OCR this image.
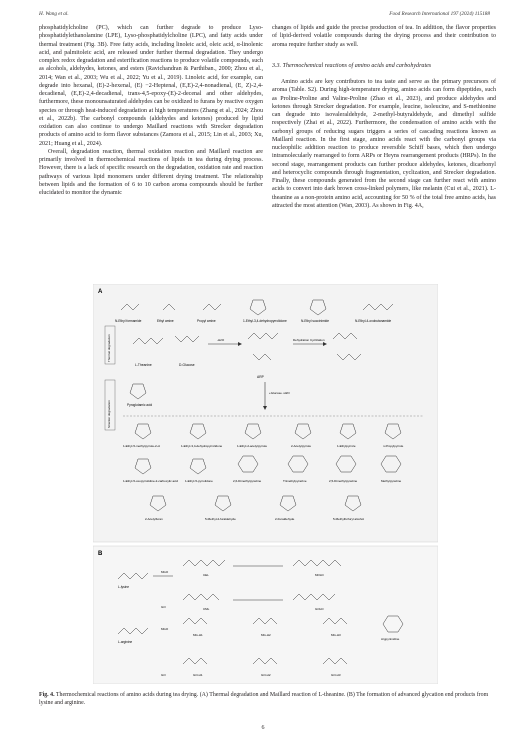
H. Wang et al.	Food Research International 197 (2024) 115188

phosphatidylcholine (PC), which can further degrade to produce Lyso-phosphatidylethanolamine (LPE), Lyso-phosphatidylcholine (LPC), and fatty acids under thermal treatment (Fig. 3B). Free fatty acids, including linoleic acid, oleic acid, α-linolenic acid, and palmitoleic acid, are released under further thermal degradation. They undergo complex redox degradation and esterification reactions to produce volatile compounds, such as alcohols, aldehydes, ketones, and esters (Ravichandran & Parthiban., 2000; Zhou et al., 2014; Wan et al., 2003; Wu et al., 2022; Yu et al., 2019). Linoleic acid, for example, can degrade into hexanal, (E)-2-hexenal, (E) −2-Heptenal, (E,E)-2,4-nonadienal, (E, Z)-2,4-decadienal, (E,E)-2,4-decadienal, trans-4,5-epoxy-(E)-2-decenal and other aldehydes, furthermore, these monounsaturated aldehydes can be oxidized to furans by reactive oxygen species or through heat-induced degradation at high temperatures (Zhang et al., 2024; Zhou et al., 2022b). The carbonyl compounds (aldehydes and ketones) produced by lipid oxidation can also continue to undergo Maillard reactions with Strecker degradation products of amino acid to form flavor substances (Zamora et al., 2015; Lin et al., 2003; Xu, 2021; Huang et al., 2024).

Overall, degradation reaction, thermal oxidation reaction and Maillard reaction are primarily involved in thermochemical reactions of lipids in tea during drying process. However, there is a lack of specific research on the degradation, oxidation rate and reaction pathways of various lipid monomers under different drying treatment. The relationship between lipids and the formation of 6 to 10 carbon aroma compounds should be further elucidated to monitor the dynamic

changes of lipids and guide the precise production of tea. In addition, the flavor properties of lipid-derived volatile compounds during the drying process and their contribution to aroma require further study as well.

3.3. Thermochemical reactions of amino acids and carbohydrates

Amino acids are key contributors to tea taste and serve as the primary precursors of aroma (Table. S2). During high-temperature drying, amino acids can form dipeptides, such as Proline-Proline and Valine-Proline (Zhao et al., 2023), and produce aldehydes and ketones through Strecker degradation. For example, leucine, isoleucine, and S-methionine can degrade into isovaleraldehyde, 2-methyl-butyraldehyde, and dimethyl sulfide respectively (Zhai et al., 2022). Furthermore, the condensation of amino acids with the carbonyl groups of reducing sugars triggers a series of cascading reactions known as Maillard reaction. In the first stage, amino acids react with the carbonyl groups via nucleophilic addition reaction to produce reversible Schiff bases, which then undergo intramolecularly rearranged to form ARPs or Heyns rearrangement products (HRPs). In the second stage, rearrangement products can further produce aldehydes, ketones, dicarbonyl and heterocyclic compounds through fragmentation, cyclization, and Strecker degradation. Finally, these compounds generated from the second stage can further react with amino acids to convert into dark brown cross-linked polymers, like melanin (Cui et al., 2021). L-theanine as a non-protein amino acid, accounting for 50 % of the total free amino acids, has attracted the most attention (Wan, 2003). As shown in Fig. 4A,

A
B
N-Ethyl formamide	Ethyl amine	Propyl amine	1-Ethyl-3,4-dehydropyrrolidone	N-Ethyl succinimide	N-Ethyl-4-oxobutanamide
Thermal degradation
L-Theanine	D-Glucose
-H2O
ARP
Dehydration Cyclization
Pyroglutamic acid
+Glucose -H2O
Strecker degradation
1-Ethyl-5-methylpyrrole-2-ol	1-Ethyl-3,4-dehydropyrrolidone	1-Ethyl-2-acetylpyrrole	2-Acetylpyrrole	1-Ethylpyrrole	n-Propylpyrrole
1-Ethyl-5-oxopyrrolidine-2-carboxylic acid 1-Ethyl-5-pyrrolidone	2,6-Dimethylpyrazine	Trimethylpyrazine	2,5-Dimethylpyrazine	Methylpyrazine
2-Acetylfuran	5-Methyl-2-furaldehyde	2-Furaldehyde	5-Methylfurfuryl alcohol
L-lysine
L-arginine
MGO
CEL	MOLD
GO	CML	GOLD
MGO
MG-H1	MG-H2	MG-H3
Argpyrimidine
GO	GO-H1	GO-H2	GO-H3
Fig. 4. Thermochemical reactions of amino acids during tea drying. (A) Thermal degradation and Maillard reaction of L-theanine. (B) The formation of advanced glycation end products from lysine and arginine.
6
